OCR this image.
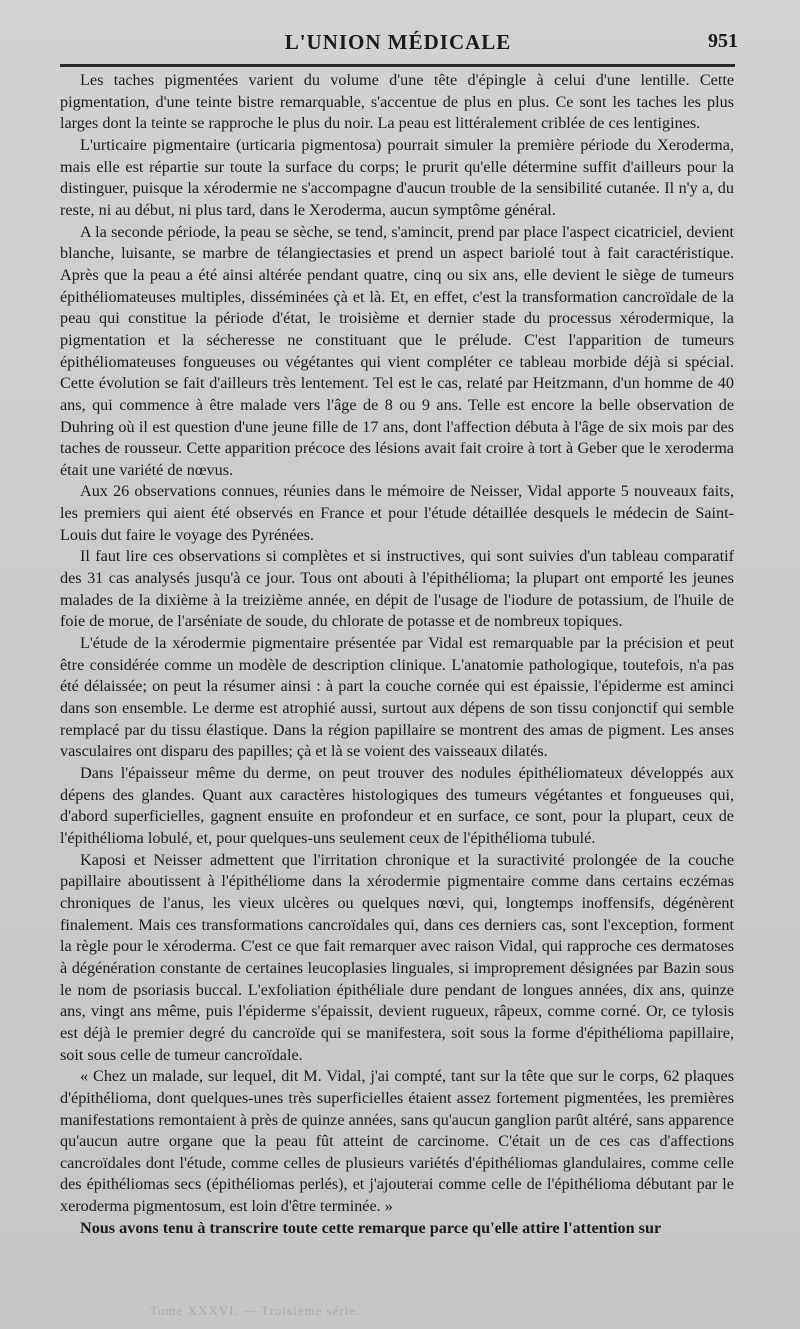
L'UNION MÉDICALE	951

Les taches pigmentées varient du volume d'une tête d'épingle à celui d'une lentille. Cette pigmentation, d'une teinte bistre remarquable, s'accentue de plus en plus. Ce sont les taches les plus larges dont la teinte se rapproche le plus du noir. La peau est littéralement criblée de ces lentigines.

L'urticaire pigmentaire (urticaria pigmentosa) pourrait simuler la première période du Xeroderma, mais elle est répartie sur toute la surface du corps; le prurit qu'elle détermine suffit d'ailleurs pour la distinguer, puisque la xérodermie ne s'accompagne d'aucun trouble de la sensibilité cutanée. Il n'y a, du reste, ni au début, ni plus tard, dans le Xeroderma, aucun symptôme général.

A la seconde période, la peau se sèche, se tend, s'amincit, prend par place l'aspect cicatriciel, devient blanche, luisante, se marbre de télangiectasies et prend un aspect bariolé tout à fait caractéristique. Après que la peau a été ainsi altérée pendant quatre, cinq ou six ans, elle devient le siège de tumeurs épithéliomateuses multiples, disséminées çà et là. Et, en effet, c'est la transformation cancroïdale de la peau qui constitue la période d'état, le troisième et dernier stade du processus xérodermique, la pigmentation et la sécheresse ne constituant que le prélude. C'est l'apparition de tumeurs épithéliomateuses fongueuses ou végétantes qui vient compléter ce tableau morbide déjà si spécial. Cette évolution se fait d'ailleurs très lentement. Tel est le cas, relaté par Heitzmann, d'un homme de 40 ans, qui commence à être malade vers l'âge de 8 ou 9 ans. Telle est encore la belle observation de Duhring où il est question d'une jeune fille de 17 ans, dont l'affection débuta à l'âge de six mois par des taches de rousseur. Cette apparition précoce des lésions avait fait croire à tort à Geber que le xeroderma était une variété de nœvus.

Aux 26 observations connues, réunies dans le mémoire de Neisser, Vidal apporte 5 nouveaux faits, les premiers qui aient été observés en France et pour l'étude détaillée desquels le médecin de Saint-Louis dut faire le voyage des Pyrénées.

Il faut lire ces observations si complètes et si instructives, qui sont suivies d'un tableau comparatif des 31 cas analysés jusqu'à ce jour. Tous ont abouti à l'épithélioma; la plupart ont emporté les jeunes malades de la dixième à la treizième année, en dépit de l'usage de l'iodure de potassium, de l'huile de foie de morue, de l'arséniate de soude, du chlorate de potasse et de nombreux topiques.

L'étude de la xérodermie pigmentaire présentée par Vidal est remarquable par la précision et peut être considérée comme un modèle de description clinique. L'anatomie pathologique, toutefois, n'a pas été délaissée; on peut la résumer ainsi : à part la couche cornée qui est épaissie, l'épiderme est aminci dans son ensemble. Le derme est atrophié aussi, surtout aux dépens de son tissu conjonctif qui semble remplacé par du tissu élastique. Dans la région papillaire se montrent des amas de pigment. Les anses vasculaires ont disparu des papilles; çà et là se voient des vaisseaux dilatés.

Dans l'épaisseur même du derme, on peut trouver des nodules épithéliomateux développés aux dépens des glandes. Quant aux caractères histologiques des tumeurs végétantes et fongueuses qui, d'abord superficielles, gagnent ensuite en profondeur et en surface, ce sont, pour la plupart, ceux de l'épithélioma lobulé, et, pour quelques-uns seulement ceux de l'épithélioma tubulé.

Kaposi et Neisser admettent que l'irritation chronique et la suractivité prolongée de la couche papillaire aboutissent à l'épithéliome dans la xérodermie pigmentaire comme dans certains eczémas chroniques de l'anus, les vieux ulcères ou quelques nœvi, qui, longtemps inoffensifs, dégénèrent finalement. Mais ces transformations cancroïdales qui, dans ces derniers cas, sont l'exception, forment la règle pour le xéroderma. C'est ce que fait remarquer avec raison Vidal, qui rapproche ces dermatoses à dégénération constante de certaines leucoplasies linguales, si improprement désignées par Bazin sous le nom de psoriasis buccal. L'exfoliation épithéliale dure pendant de longues années, dix ans, quinze ans, vingt ans même, puis l'épiderme s'épaissit, devient rugueux, râpeux, comme corné. Or, ce tylosis est déjà le premier degré du cancroïde qui se manifestera, soit sous la forme d'épithélioma papillaire, soit sous celle de tumeur cancroïdale.

« Chez un malade, sur lequel, dit M. Vidal, j'ai compté, tant sur la tête que sur le corps, 62 plaques d'épithélioma, dont quelques-unes très superficielles étaient assez fortement pigmentées, les premières manifestations remontaient à près de quinze années, sans qu'aucun ganglion parût altéré, sans apparence qu'aucun autre organe que la peau fût atteint de carcinome. C'était un de ces cas d'affections cancroïdales dont l'étude, comme celles de plusieurs variétés d'épithéliomas glandulaires, comme celle des épithéliomas secs (épithéliomas perlés), et j'ajouterai comme celle de l'épithélioma débutant par le xeroderma pigmentosum, est loin d'être terminée. »

Nous avons tenu à transcrire toute cette remarque parce qu'elle attire l'attention sur

Tome XXXVI. — Troisième série.
